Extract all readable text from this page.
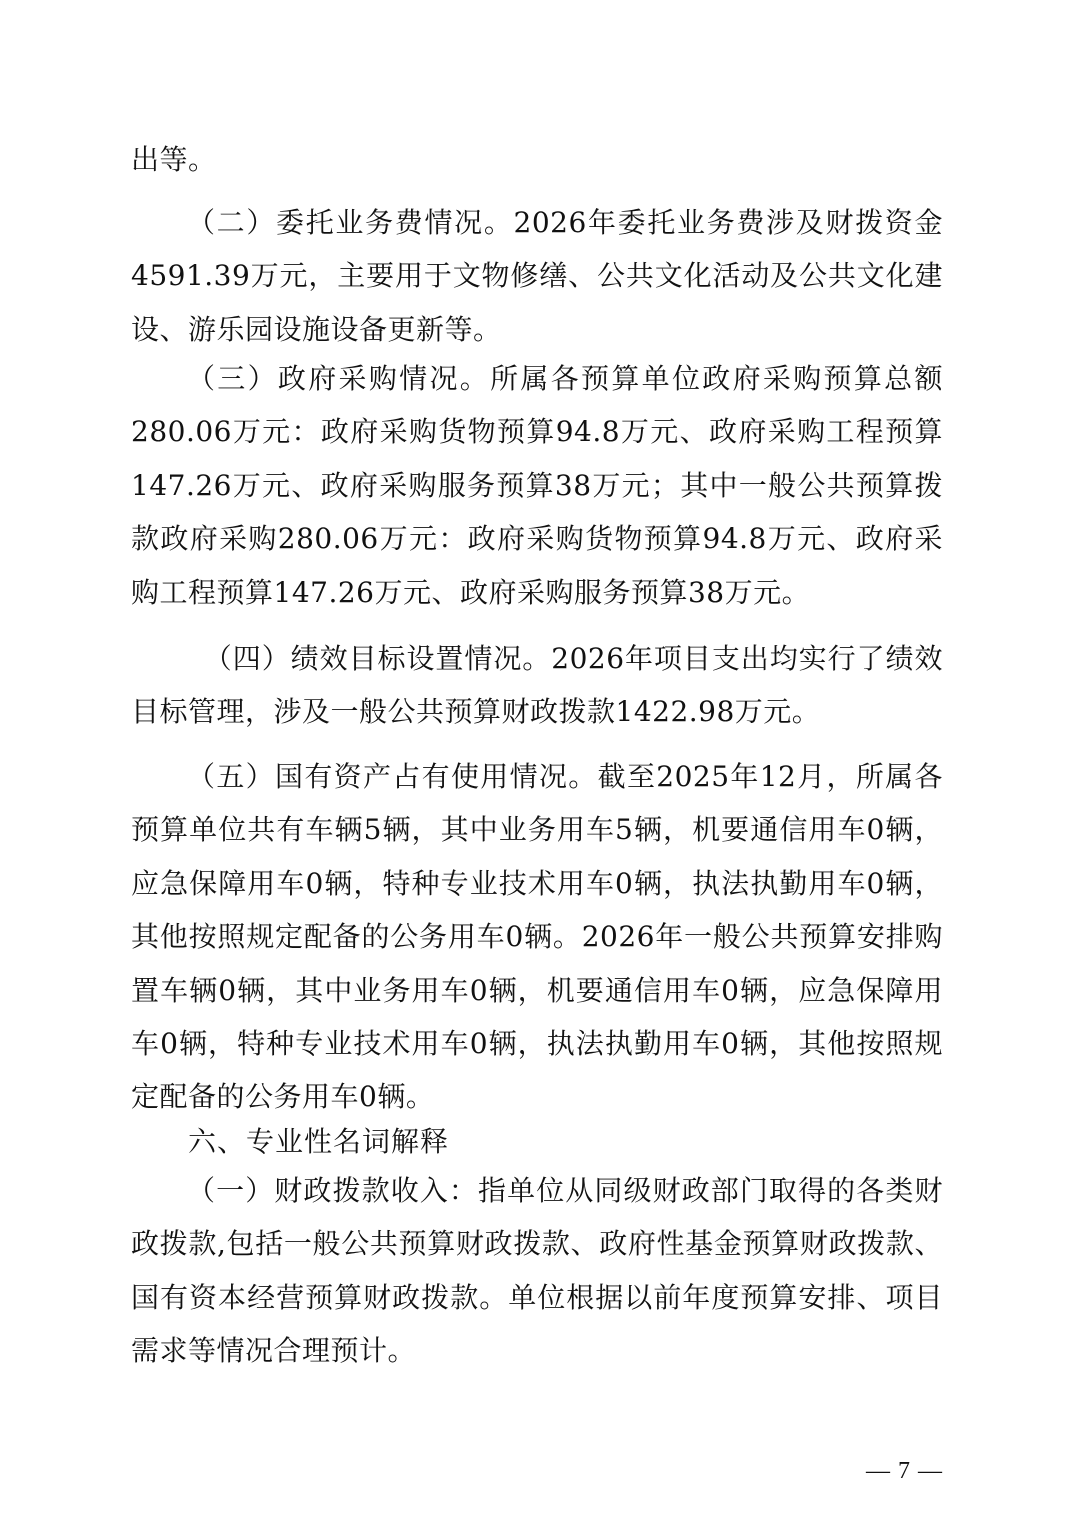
出等。
（二）委托业务费情况。2026年委托业务费涉及财拨资金4591.39万元，主要用于文物修缮、公共文化活动及公共文化建设、游乐园设施设备更新等。
（三）政府采购情况。所属各预算单位政府采购预算总额280.06万元：政府采购货物预算94.8万元、政府采购工程预算147.26万元、政府采购服务预算38万元；其中一般公共预算拨款政府采购280.06万元：政府采购货物预算94.8万元、政府采购工程预算147.26万元、政府采购服务预算38万元。
（四）绩效目标设置情况。2026年项目支出均实行了绩效目标管理，涉及一般公共预算财政拨款1422.98万元。
（五）国有资产占有使用情况。截至2025年12月，所属各预算单位共有车辆5辆，其中业务用车5辆，机要通信用车0辆，应急保障用车0辆，特种专业技术用车0辆，执法执勤用车0辆，其他按照规定配备的公务用车0辆。2026年一般公共预算安排购置车辆0辆，其中业务用车0辆，机要通信用车0辆，应急保障用车0辆，特种专业技术用车0辆，执法执勤用车0辆，其他按照规定配备的公务用车0辆。
六、专业性名词解释
（一）财政拨款收入：指单位从同级财政部门取得的各类财政拨款,包括一般公共预算财政拨款、政府性基金预算财政拨款、国有资本经营预算财政拨款。单位根据以前年度预算安排、项目需求等情况合理预计。
— 7 —
